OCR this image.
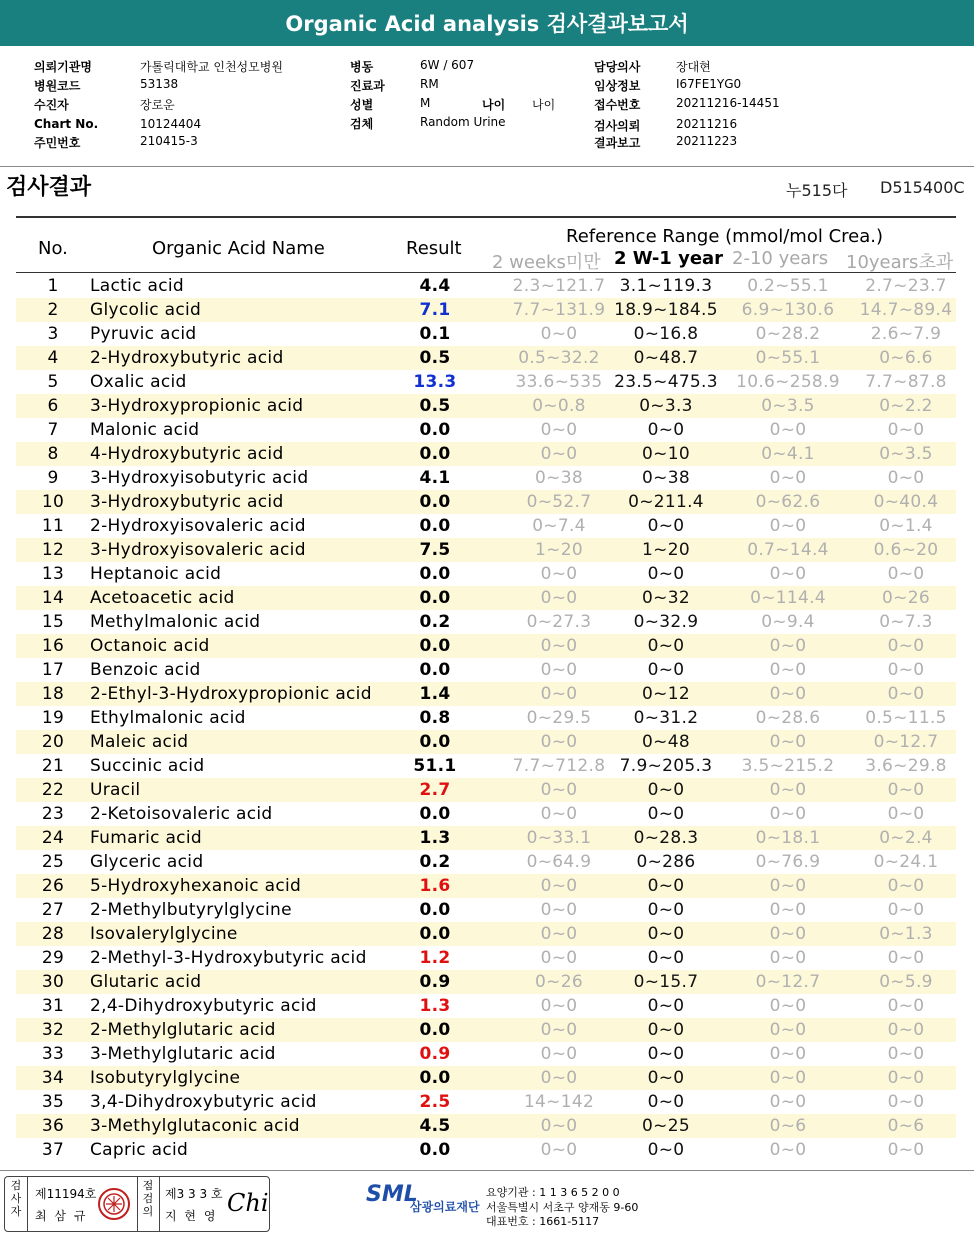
Organic Acid analysis 검사결과보고서
의뢰기관명	가톨릭대학교 인천성모병원
병원코드	53138
수진자	장로운
Chart No.	10124404
주민번호	210415-3
병동	6W / 607
진료과	RM
성별	M	나이 나이
검체	Random Urine
담당의사	장대현
임상정보	I67FE1YG0
접수번호	20211216-14451
검사의뢰	20211216
결과보고	20211223
검사결과	누515다 D515400C
No.	Organic Acid Name	Result
Reference Range (mmol/mol Crea.)
2 weeks미만 2 W-1 year 2-10 years 10years초과
1	Lactic acid	4.4	2.3~121.7 3.1~119.3	0.2~55.1	2.7~23.7
2	Glycolic acid	7.1	7.7~131.9 18.9~184.5	6.9~130.6	14.7~89.4
3	Pyruvic acid	0.1	0~0	0~16.8	0~28.2	2.6~7.9
4	2-Hydroxybutyric acid	0.5	0.5~32.2	0~48.7	0~55.1	0~6.6
5	Oxalic acid	13.3	33.6~535 23.5~475.3	10.6~258.9	7.7~87.8
6	3-Hydroxypropionic acid	0.5	0~0.8	0~3.3	0~3.5	0~2.2
7	Malonic acid	0.0	0~0	0~0	0~0	0~0
8	4-Hydroxybutyric acid	0.0	0~0	0~10	0~4.1	0~3.5
9	3-Hydroxyisobutyric acid	4.1	0~38	0~38	0~0	0~0
10	3-Hydroxybutyric acid	0.0	0~52.7	0~211.4	0~62.6	0~40.4
11	2-Hydroxyisovaleric acid	0.0	0~7.4	0~0	0~0	0~1.4
12	3-Hydroxyisovaleric acid	7.5	1~20	1~20	0.7~14.4	0.6~20
13	Heptanoic acid	0.0	0~0	0~0	0~0	0~0
14	Acetoacetic acid	0.0	0~0	0~32	0~114.4	0~26
15	Methylmalonic acid	0.2	0~27.3	0~32.9	0~9.4	0~7.3
16	Octanoic acid	0.0	0~0	0~0	0~0	0~0
17	Benzoic acid	0.0	0~0	0~0	0~0	0~0
18	2-Ethyl-3-Hydroxypropionic acid	1.4	0~0	0~12	0~0	0~0
19	Ethylmalonic acid	0.8	0~29.5	0~31.2	0~28.6	0.5~11.5
20	Maleic acid	0.0	0~0	0~48	0~0	0~12.7
21	Succinic acid	51.1	7.7~712.8 7.9~205.3	3.5~215.2	3.6~29.8
22	Uracil	2.7	0~0	0~0	0~0	0~0
23	2-Ketoisovaleric acid	0.0	0~0	0~0	0~0	0~0
24	Fumaric acid	1.3	0~33.1	0~28.3	0~18.1	0~2.4
25	Glyceric acid	0.2	0~64.9	0~286	0~76.9	0~24.1
26	5-Hydroxyhexanoic acid	1.6	0~0	0~0	0~0	0~0
27	2-Methylbutyrylglycine	0.0	0~0	0~0	0~0	0~0
28	Isovalerylglycine	0.0	0~0	0~0	0~0	0~1.3
29	2-Methyl-3-Hydroxybutyric acid	1.2	0~0	0~0	0~0	0~0
30	Glutaric acid	0.9	0~26	0~15.7	0~12.7	0~5.9
31	2,4-Dihydroxybutyric acid	1.3	0~0	0~0	0~0	0~0
32	2-Methylglutaric acid	0.0	0~0	0~0	0~0	0~0
33	3-Methylglutaric acid	0.9	0~0	0~0	0~0	0~0
34	Isobutyrylglycine	0.0	0~0	0~0	0~0	0~0
35	3,4-Dihydroxybutyric acid	2.5	14~142	0~0	0~0	0~0
36	3-Methylglutaconic acid	4.5	0~0	0~25	0~6	0~6
37	Capric acid	0.0	0~0	0~0	0~0	0~0
검사자
제11194호
최 삼 규
점검의
제3 3 3 호
지 현 영 Chi	SML
삼광의료재단
요양기관 : 1 1 3 6 5 2 0 0
서울특별시 서초구 양재동 9-60
대표번호 : 1661-5117
